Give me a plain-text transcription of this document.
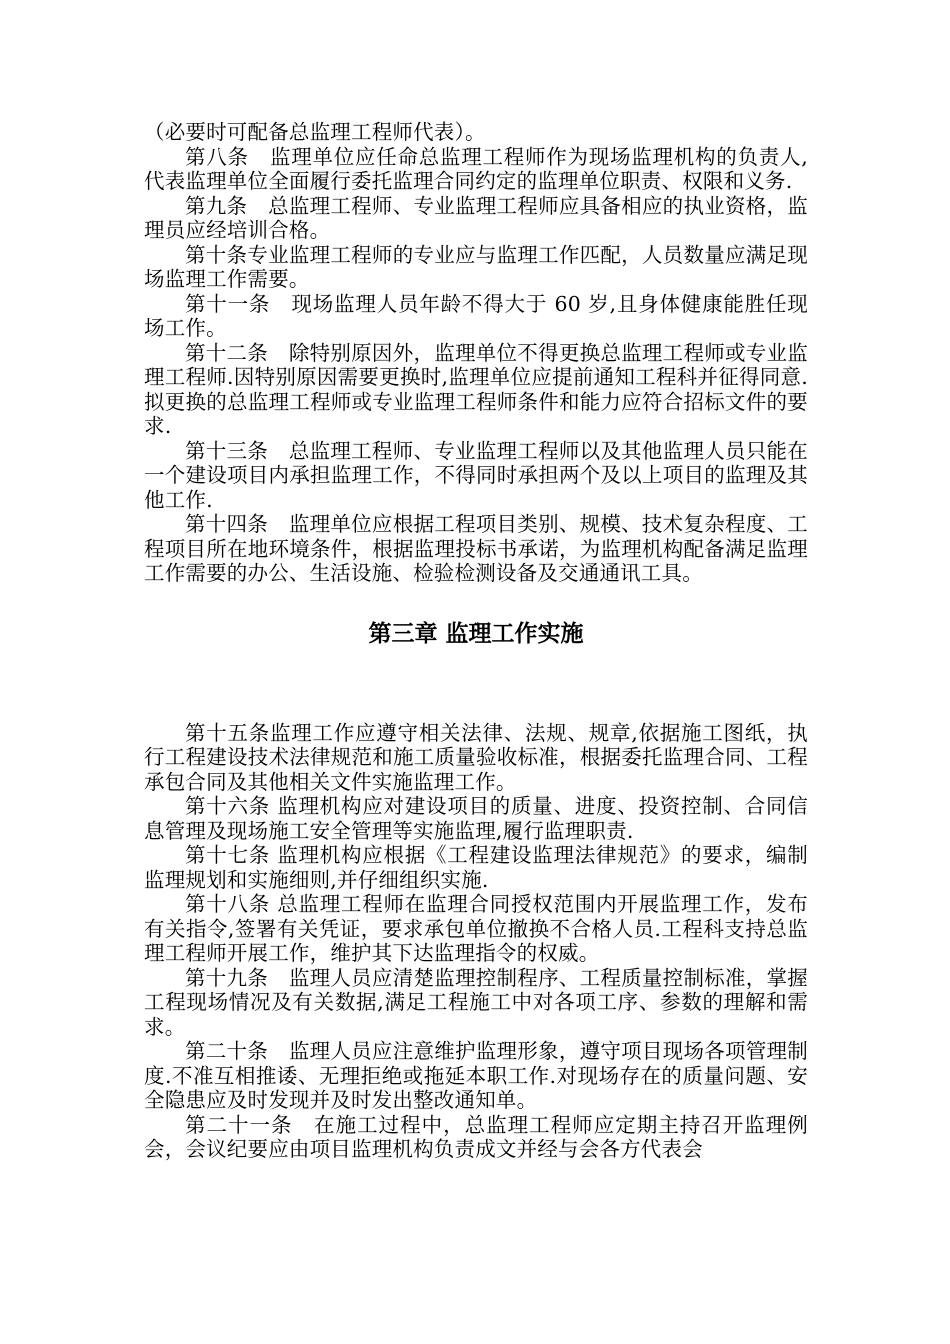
（必要时可配备总监理工程师代表）。

第八条　监理单位应任命总监理工程师作为现场监理机构的负责人,代表监理单位全面履行委托监理合同约定的监理单位职责、权限和义务.

第九条　总监理工程师、专业监理工程师应具备相应的执业资格，监理员应经培训合格。

第十条专业监理工程师的专业应与监理工作匹配，人员数量应满足现场监理工作需要。

第十一条　现场监理人员年龄不得大于 60 岁,且身体健康能胜任现场工作。

第十二条　除特别原因外，监理单位不得更换总监理工程师或专业监理工程师.因特别原因需要更换时,监理单位应提前通知工程科并征得同意.拟更换的总监理工程师或专业监理工程师条件和能力应符合招标文件的要求.

第十三条　总监理工程师、专业监理工程师以及其他监理人员只能在一个建设项目内承担监理工作，不得同时承担两个及以上项目的监理及其他工作.

第十四条　监理单位应根据工程项目类别、规模、技术复杂程度、工程项目所在地环境条件，根据监理投标书承诺，为监理机构配备满足监理工作需要的办公、生活设施、检验检测设备及交通通讯工具。

第三章 监理工作实施

第十五条监理工作应遵守相关法律、法规、规章,依据施工图纸，执行工程建设技术法律规范和施工质量验收标准，根据委托监理合同、工程承包合同及其他相关文件实施监理工作。

第十六条 监理机构应对建设项目的质量、进度、投资控制、合同信息管理及现场施工安全管理等实施监理,履行监理职责.

第十七条 监理机构应根据《工程建设监理法律规范》的要求，编制监理规划和实施细则,并仔细组织实施.

第十八条 总监理工程师在监理合同授权范围内开展监理工作，发布有关指令,签署有关凭证，要求承包单位撤换不合格人员.工程科支持总监理工程师开展工作，维护其下达监理指令的权威。

第十九条　监理人员应清楚监理控制程序、工程质量控制标准，掌握工程现场情况及有关数据,满足工程施工中对各项工序、参数的理解和需求。

第二十条　监理人员应注意维护监理形象，遵守项目现场各项管理制度.不准互相推诿、无理拒绝或拖延本职工作.对现场存在的质量问题、安全隐患应及时发现并及时发出整改通知单。

第二十一条　在施工过程中，总监理工程师应定期主持召开监理例会，会议纪要应由项目监理机构负责成文并经与会各方代表会
